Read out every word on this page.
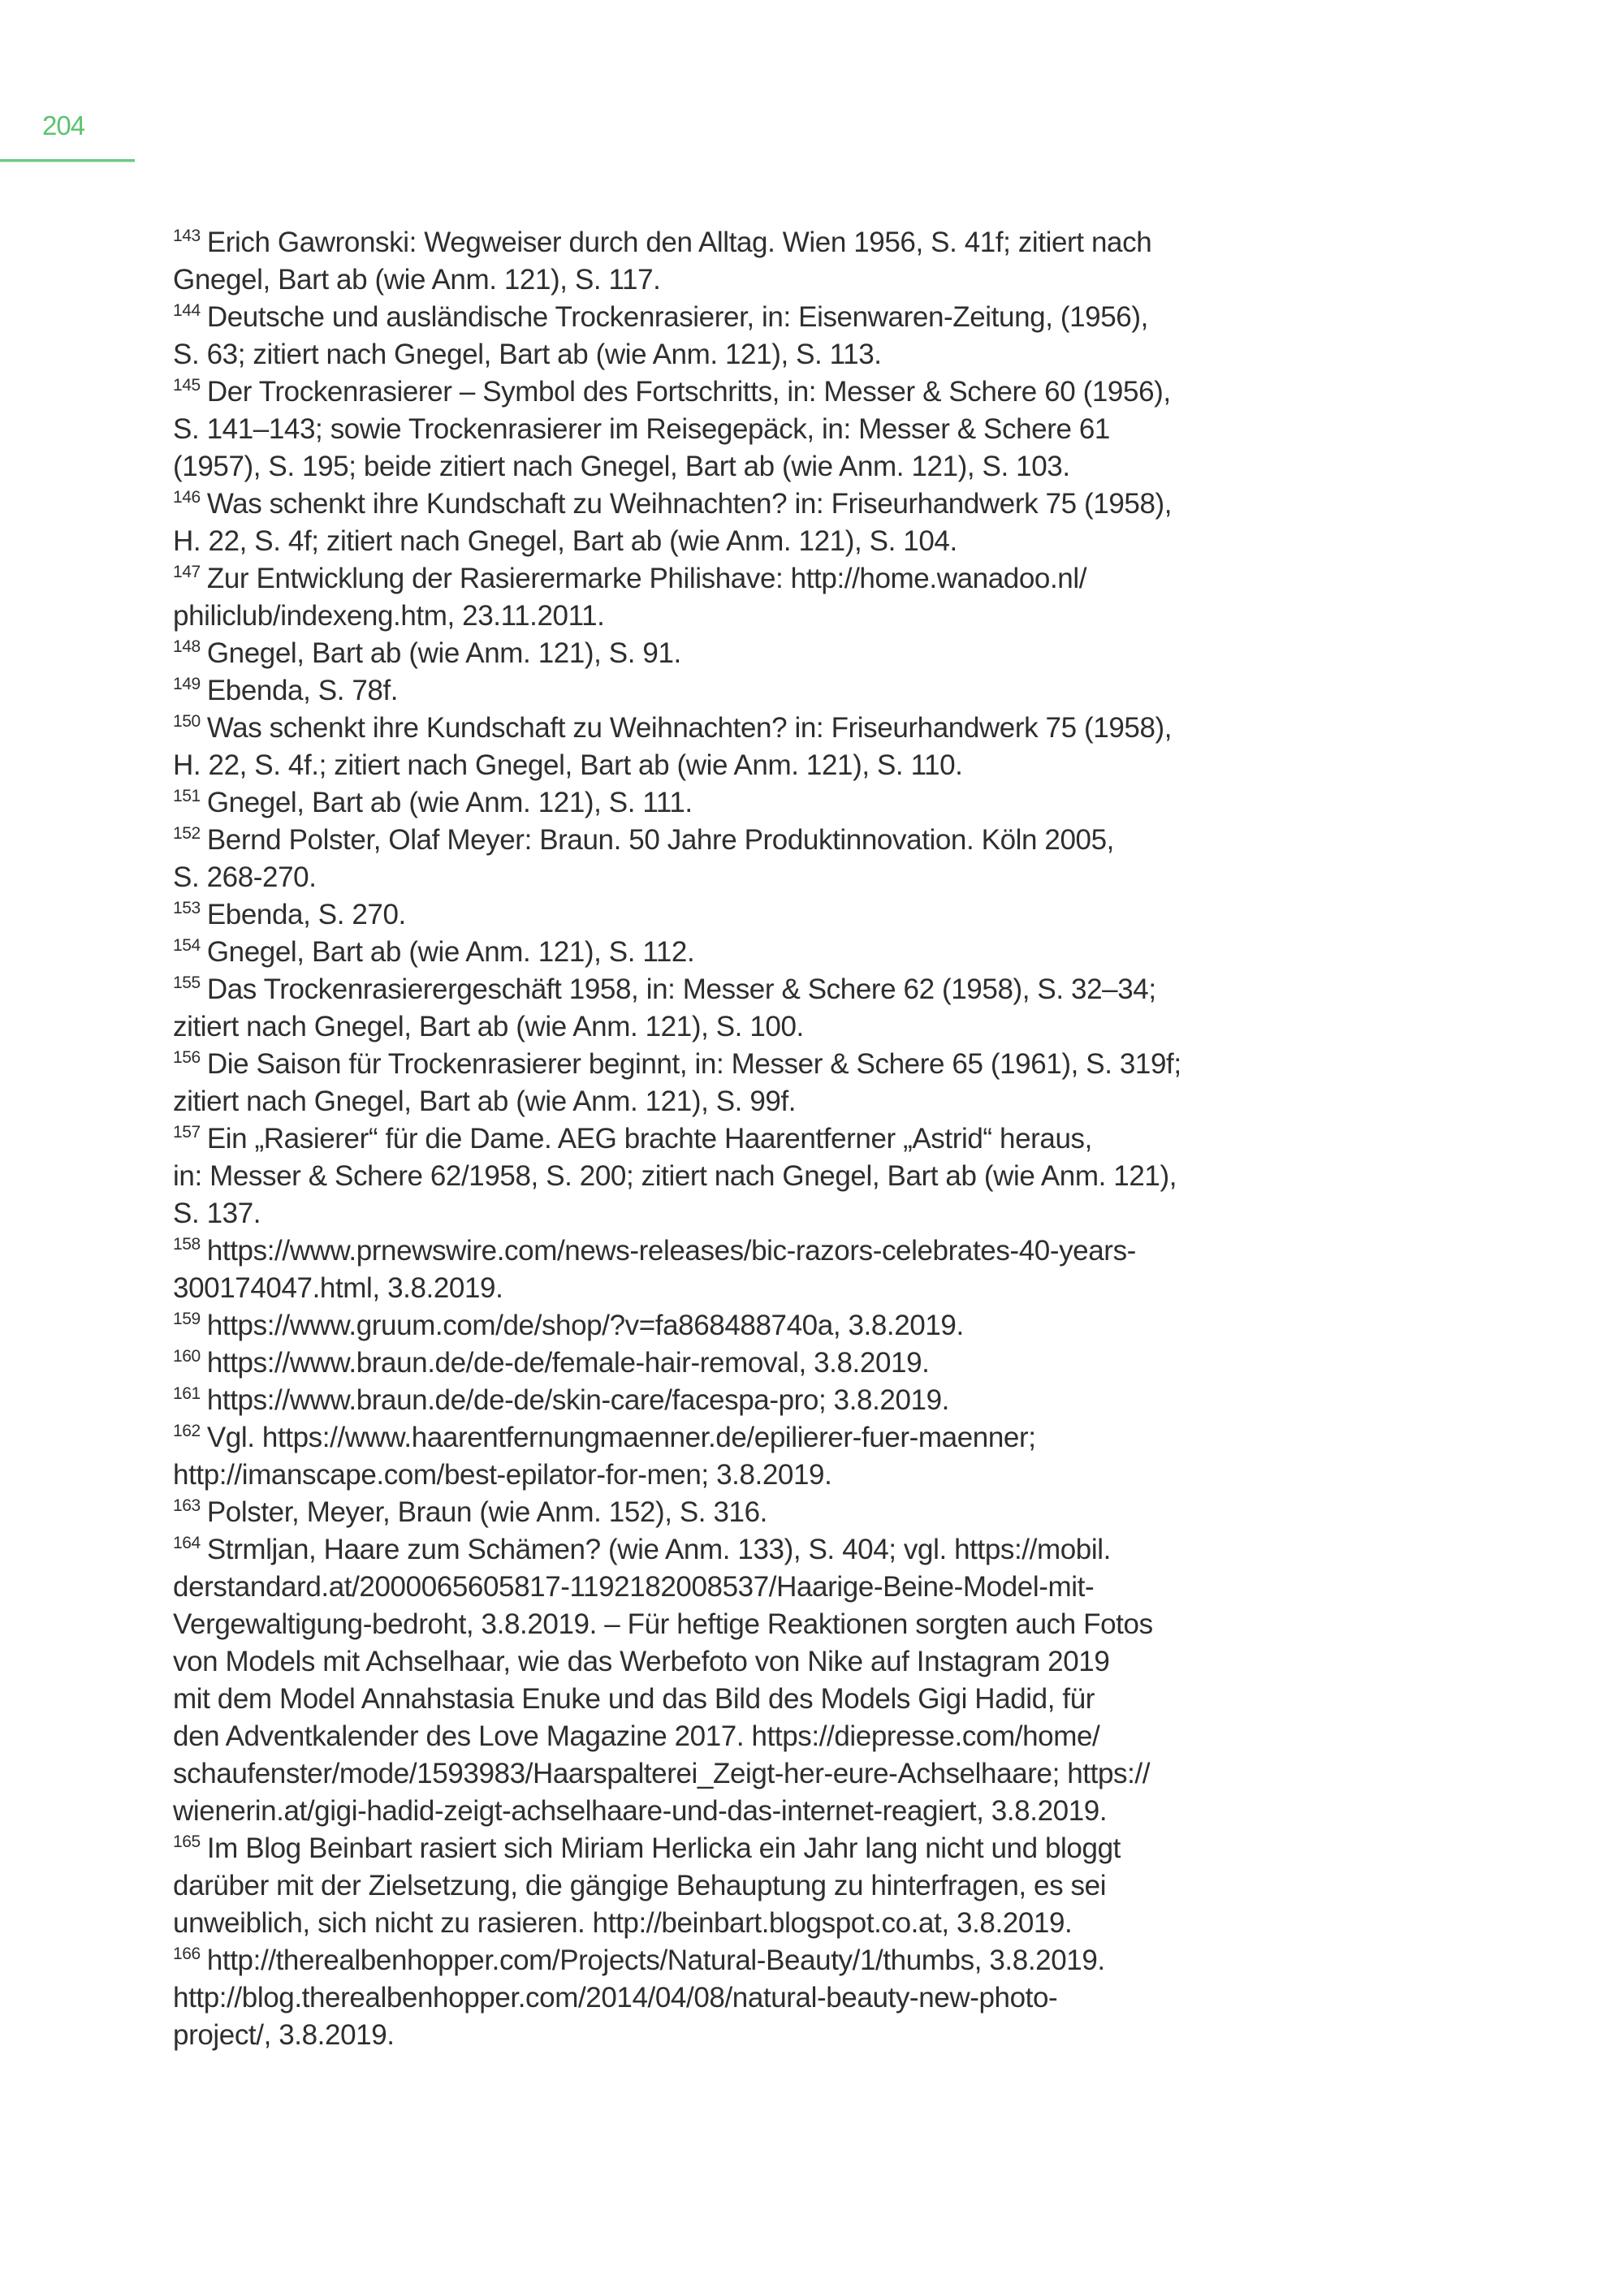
204
$^{143}$ Erich Gawronski: Wegweiser durch den Alltag. Wien 1956, S. 41f; zitiert nach
Gnegel, Bart ab (wie Anm. 121), S. 117.
$^{144}$ Deutsche und ausländische Trockenrasierer, in: Eisenwaren-Zeitung, (1956),
S. 63; zitiert nach Gnegel, Bart ab (wie Anm. 121), S. 113.
$^{145}$ Der Trockenrasierer – Symbol des Fortschritts, in: Messer & Schere 60 (1956),
S. 141–143; sowie Trockenrasierer im Reisegepäck, in: Messer & Schere 61
(1957), S. 195; beide zitiert nach Gnegel, Bart ab (wie Anm. 121), S. 103.
$^{146}$ Was schenkt ihre Kundschaft zu Weihnachten? in: Friseurhandwerk 75 (1958),
H. 22, S. 4f; zitiert nach Gnegel, Bart ab (wie Anm. 121), S. 104.
$^{147}$ Zur Entwicklung der Rasierermarke Philishave: http://home.wanadoo.nl/
philiclub/indexeng.htm, 23.11.2011.
$^{148}$ Gnegel, Bart ab (wie Anm. 121), S. 91.
$^{149}$ Ebenda, S. 78f.
$^{150}$ Was schenkt ihre Kundschaft zu Weihnachten? in: Friseurhandwerk 75 (1958),
H. 22, S. 4f.; zitiert nach Gnegel, Bart ab (wie Anm. 121), S. 110.
$^{151}$ Gnegel, Bart ab (wie Anm. 121), S. 111.
$^{152}$ Bernd Polster, Olaf Meyer: Braun. 50 Jahre Produktinnovation. Köln 2005,
S. 268-270.
$^{153}$ Ebenda, S. 270.
$^{154}$ Gnegel, Bart ab (wie Anm. 121), S. 112.
$^{155}$ Das Trockenrasierergeschäft 1958, in: Messer & Schere 62 (1958), S. 32–34;
zitiert nach Gnegel, Bart ab (wie Anm. 121), S. 100.
$^{156}$ Die Saison für Trockenrasierer beginnt, in: Messer & Schere 65 (1961), S. 319f;
zitiert nach Gnegel, Bart ab (wie Anm. 121), S. 99f.
$^{157}$ Ein „Rasierer“ für die Dame. AEG brachte Haarentferner „Astrid“ heraus,
in: Messer & Schere 62/1958, S. 200; zitiert nach Gnegel, Bart ab (wie Anm. 121),
S. 137.
$^{158}$ https://www.prnewswire.com/news-releases/bic-razors-celebrates-40-years-
300174047.html, 3.8.2019.
$^{159}$ https://www.gruum.com/de/shop/?v=fa868488740a, 3.8.2019.
$^{160}$ https://www.braun.de/de-de/female-hair-removal, 3.8.2019.
$^{161}$ https://www.braun.de/de-de/skin-care/facespa-pro; 3.8.2019.
$^{162}$ Vgl. https://www.haarentfernungmaenner.de/epilierer-fuer-maenner;
http://imanscape.com/best-epilator-for-men; 3.8.2019.
$^{163}$ Polster, Meyer, Braun (wie Anm. 152), S. 316.
$^{164}$ Strmljan, Haare zum Schämen? (wie Anm. 133), S. 404; vgl. https://mobil.
derstandard.at/2000065605817-1192182008537/Haarige-Beine-Model-mit-
Vergewaltigung-bedroht, 3.8.2019. – Für heftige Reaktionen sorgten auch Fotos
von Models mit Achselhaar, wie das Werbefoto von Nike auf Instagram 2019
mit dem Model Annahstasia Enuke und das Bild des Models Gigi Hadid, für
den Adventkalender des Love Magazine 2017. https://diepresse.com/home/
schaufenster/mode/1593983/Haarspalterei_Zeigt-her-eure-Achselhaare; https://
wienerin.at/gigi-hadid-zeigt-achselhaare-und-das-internet-reagiert, 3.8.2019.
$^{165}$ Im Blog Beinbart rasiert sich Miriam Herlicka ein Jahr lang nicht und bloggt
darüber mit der Zielsetzung, die gängige Behauptung zu hinterfragen, es sei
unweiblich, sich nicht zu rasieren. http://beinbart.blogspot.co.at, 3.8.2019.
$^{166}$ http://therealbenhopper.com/Projects/Natural-Beauty/1/thumbs, 3.8.2019.
http://blog.therealbenhopper.com/2014/04/08/natural-beauty-new-photo-
project/, 3.8.2019.
